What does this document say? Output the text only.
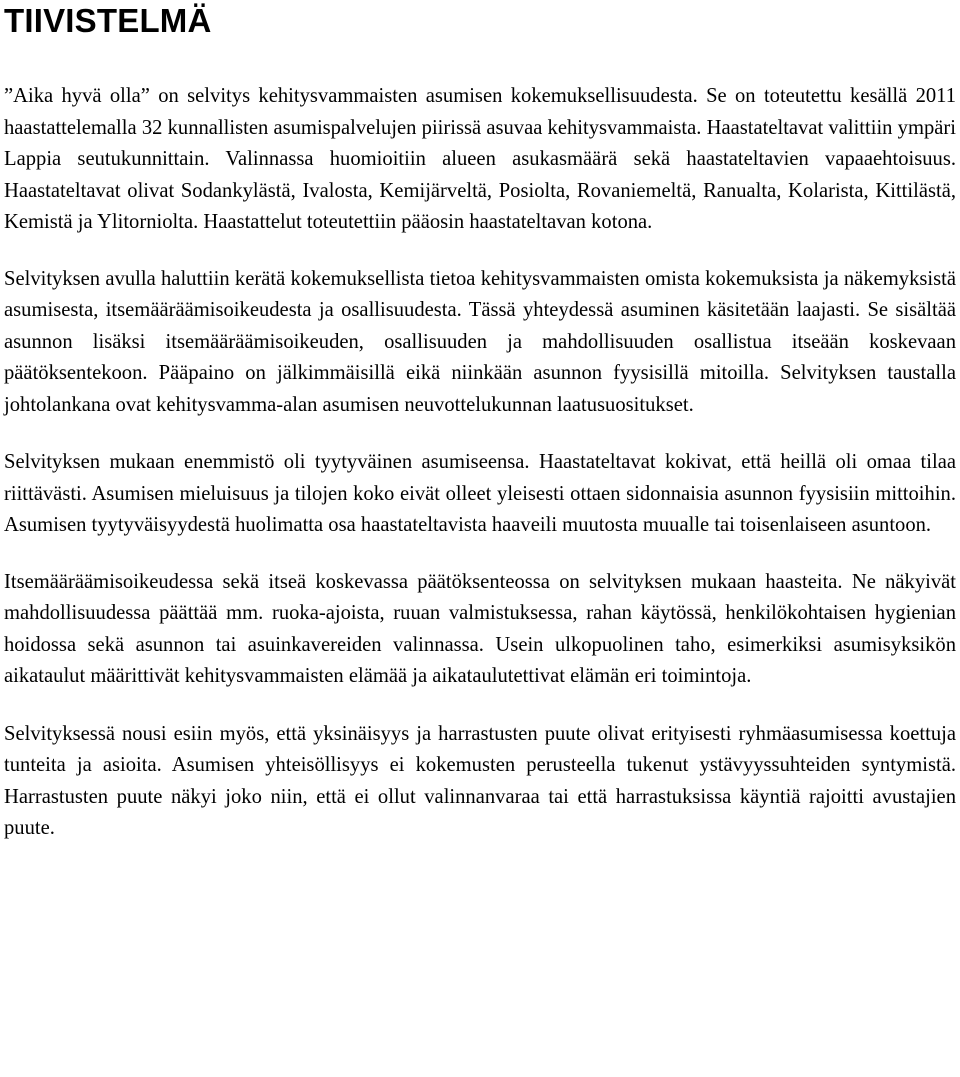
TIIVISTELMÄ

”Aika hyvä olla” on selvitys kehitysvammaisten asumisen kokemuksellisuudesta. Se on toteutettu kesällä 2011 haastattelemalla 32 kunnallisten asumispalvelujen piirissä asuvaa kehitysvammaista. Haastateltavat valittiin ympäri Lappia seutukunnittain. Valinnassa huomioitiin alueen asukasmäärä sekä haastateltavien vapaaehtoisuus. Haastateltavat olivat Sodankylästä, Ivalosta, Kemijärveltä, Posiolta, Rovaniemeltä, Ranualta, Kolarista, Kittilästä, Kemistä ja Ylitorniolta. Haastattelut toteutettiin pääosin haastateltavan kotona.

Selvityksen avulla haluttiin kerätä kokemuksellista tietoa kehitysvammaisten omista kokemuksista ja näkemyksistä asumisesta, itsemääräämisoikeudesta ja osallisuudesta. Tässä yhteydessä asuminen käsitetään laajasti. Se sisältää asunnon lisäksi itsemääräämisoikeuden, osallisuuden ja mahdollisuuden osallistua itseään koskevaan päätöksentekoon. Pääpaino on jälkimmäisillä eikä niinkään asunnon fyysisillä mitoilla. Selvityksen taustalla johtolankana ovat kehitysvamma-alan asumisen neuvottelukunnan laatusuositukset.

Selvityksen mukaan enemmistö oli tyytyväinen asumiseensa. Haastateltavat kokivat, että heillä oli omaa tilaa riittävästi. Asumisen mieluisuus ja tilojen koko eivät olleet yleisesti ottaen sidonnaisia asunnon fyysisiin mittoihin. Asumisen tyytyväisyydestä huolimatta osa haastateltavista haaveili muutosta muualle tai toisenlaiseen asuntoon.

Itsemääräämisoikeudessa sekä itseä koskevassa päätöksenteossa on selvityksen mukaan haasteita. Ne näkyivät mahdollisuudessa päättää mm. ruoka-ajoista, ruuan valmistuksessa, rahan käytössä, henkilökohtaisen hygienian hoidossa sekä asunnon tai asuinkavereiden valinnassa. Usein ulkopuolinen taho, esimerkiksi asumisyksikön aikataulut määrittivät kehitysvammaisten elämää ja aikataulutettivat elämän eri toimintoja.

Selvityksessä nousi esiin myös, että yksinäisyys ja harrastusten puute olivat erityisesti ryhmäasumisessa koettuja tunteita ja asioita. Asumisen yhteisöllisyys ei kokemusten perusteella tukenut ystävyyssuhteiden syntymistä. Harrastusten puute näkyi joko niin, että ei ollut valinnanvaraa tai että harrastuksissa käyntiä rajoitti avustajien puute.
